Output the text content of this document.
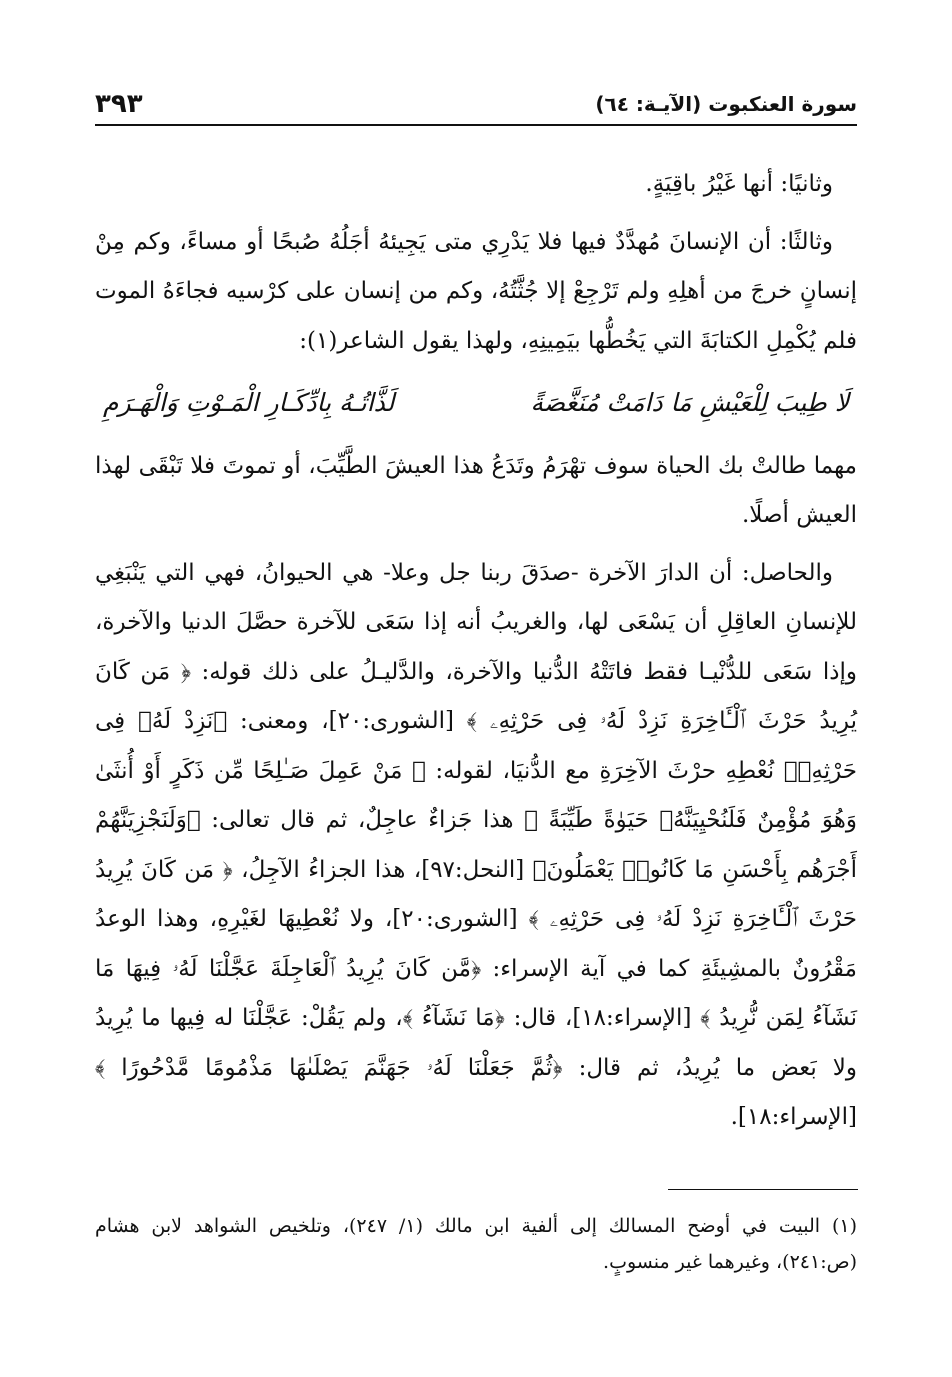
٣٩٣	سورة العنكبوت (الآيـة: ٦٤)

وثانيًا: أنها غَيْرُ باقِيَةٍ.

وثالثًا: أن الإنسانَ مُهدَّدٌ فيها فلا يَدْرِي متى يَجِيئهُ أجَلُهُ صُبحًا أو مساءً، وكم مِنْ إنسانٍ خرجَ من أهلِهِ ولم تَرْجِعْ إلا جُثَّتُهُ، وكم من إنسان على كرْسيه فجاءَهُ الموت فلم يُكْمِلِ الكتابَةَ التي يَخُطُّها بيَمِينِهِ، ولهذا يقول الشاعر(١):

لَا طِيبَ لِلْعَيْشِ مَا دَامَتْ مُنَغَّصَةً
لَذَّاتُـهُ بِادِّكَـارِ الْمَـوْتِ وَالْهَـرَمِ

مهما طالتْ بك الحياة سوف تهْرَمُ وتَدَعُ هذا العيشَ الطَّيِّبَ، أو تموتَ فلا تَبْقَى لهذا العيش أصلًا.

والحاصل: أن الدارَ الآخرة -صدَقَ ربنا جل وعلا- هي الحيوانُ، فهي التي يَنْبَغِي للإنسانِ العاقِلِ أن يَسْعَى لها، والغريبُ أنه إذا سَعَى للآخرة حصَّلَ الدنيا والآخرة، وإذا سَعَى للدُّنْيـا فقط فاتَتْهُ الدُّنيا والآخرة، والدَّليـلُ على ذلك قوله: ﴿ مَن كَانَ يُرِيدُ حَرْثَ ٱلْـَٔاخِرَةِ نَزِدْ لَهُۥ فِى حَرْثِهِۦ ﴾ [الشورى:٢٠]، ومعنى: ﴿نَزِدْ لَهُۥ فِى حَرْثِهِۦ﴾ نُعْطِهِ حرْثَ الآخِرَةِ مع الدُّنيَا، لقوله: ﴿ مَنْ عَمِلَ صَـٰلِحًا مِّن ذَكَرٍ أَوْ أُنثَىٰ وَهُوَ مُؤْمِنٌ فَلَنُحْيِيَنَّهُۥ حَيَوٰةً طَيِّبَةً ﴾ هذا جَزاءٌ عاجِلٌ، ثم قال تعالى: ﴿وَلَنَجْزِيَنَّهُمْ أَجْرَهُم بِأَحْسَنِ مَا كَانُوا۟ يَعْمَلُونَ﴾ [النحل:٩٧]، هذا الجزاءُ الآجِلُ، ﴿ مَن كَانَ يُرِيدُ حَرْثَ ٱلْـَٔاخِرَةِ نَزِدْ لَهُۥ فِى حَرْثِهِۦ ﴾ [الشورى:٢٠]، ولا نُعْطِيهَا لغَيْرِهِ، وهذا الوعدُ مَقْرُونٌ بالمشِيئَةِ كما في آية الإسراء: ﴿مَّن كَانَ يُرِيدُ ٱلْعَاجِلَةَ عَجَّلْنَا لَهُۥ فِيهَا مَا نَشَآءُ لِمَن نُّرِيدُ ﴾ [الإسراء:١٨]، قال: ﴿مَا نَشَآءُ ﴾، ولم يَقُلْ: عَجَّلْنَا له فِيها ما يُرِيدُ ولا بَعض ما يُرِيدُ، ثم قال: ﴿ثُمَّ جَعَلْنَا لَهُۥ جَهَنَّمَ يَصْلَىٰهَا مَذْمُومًا مَّدْحُورًا ﴾ [الإسراء:١٨].

(١) البيت في أوضح المسالك إلى ألفية ابن مالك (١/ ٢٤٧)، وتلخيص الشواهد لابن هشام (ص:٢٤١)، وغيرهما غير منسوبٍ.
